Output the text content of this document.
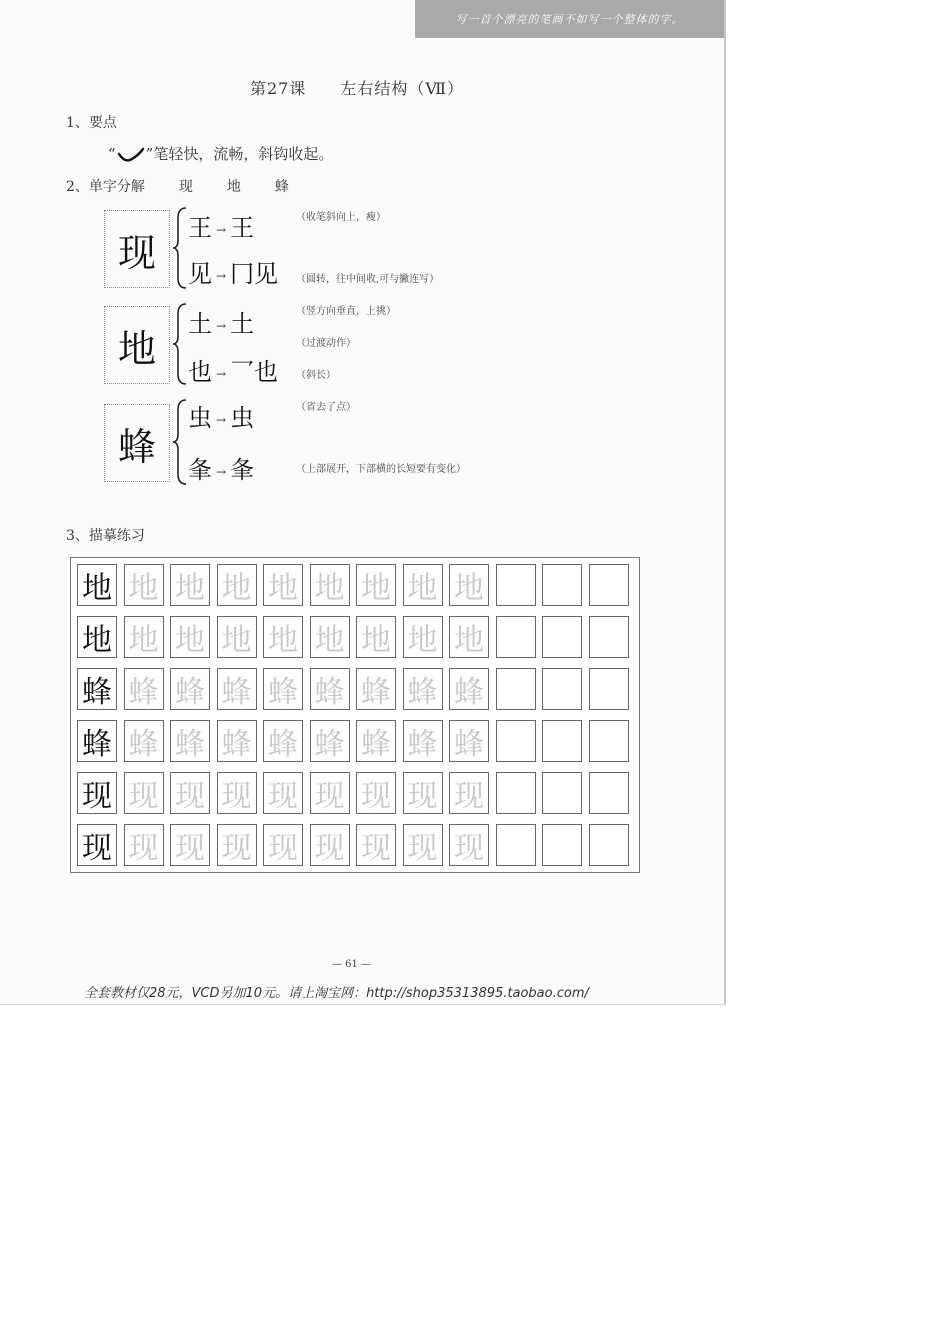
写一首个漂亮的笔画不如写一个整体的字。
第27课 左右结构（Ⅶ）
1、要点
“ ”笔轻快，流畅，斜钩收起。
2、单字分解 现 地 蜂
现
王 → 王	（收笔斜向上，瘦）
见 → 冂见 （圆转，往中间收,可与撇连写）
地
土 → 土	（竖方向垂直，上挑）
（过渡动作）
也 → 乛也 （斜长）
蜂
虫 → 虫	（省去了点）
夆 → 夆	（上部展开，下部横的长短要有变化）
3、描摹练习
地 地 地 地 地 地 地 地 地
地 地 地 地 地 地 地 地 地
蜂 蜂 蜂 蜂 蜂 蜂 蜂 蜂 蜂
蜂 蜂 蜂 蜂 蜂 蜂 蜂 蜂 蜂
现 现 现 现 现 现 现 现 现
现 现 现 现 现 现 现 现 现
— 61 —
全套教材仅28元，VCD另加10元。请上淘宝网：http://shop35313895.taobao.com/
